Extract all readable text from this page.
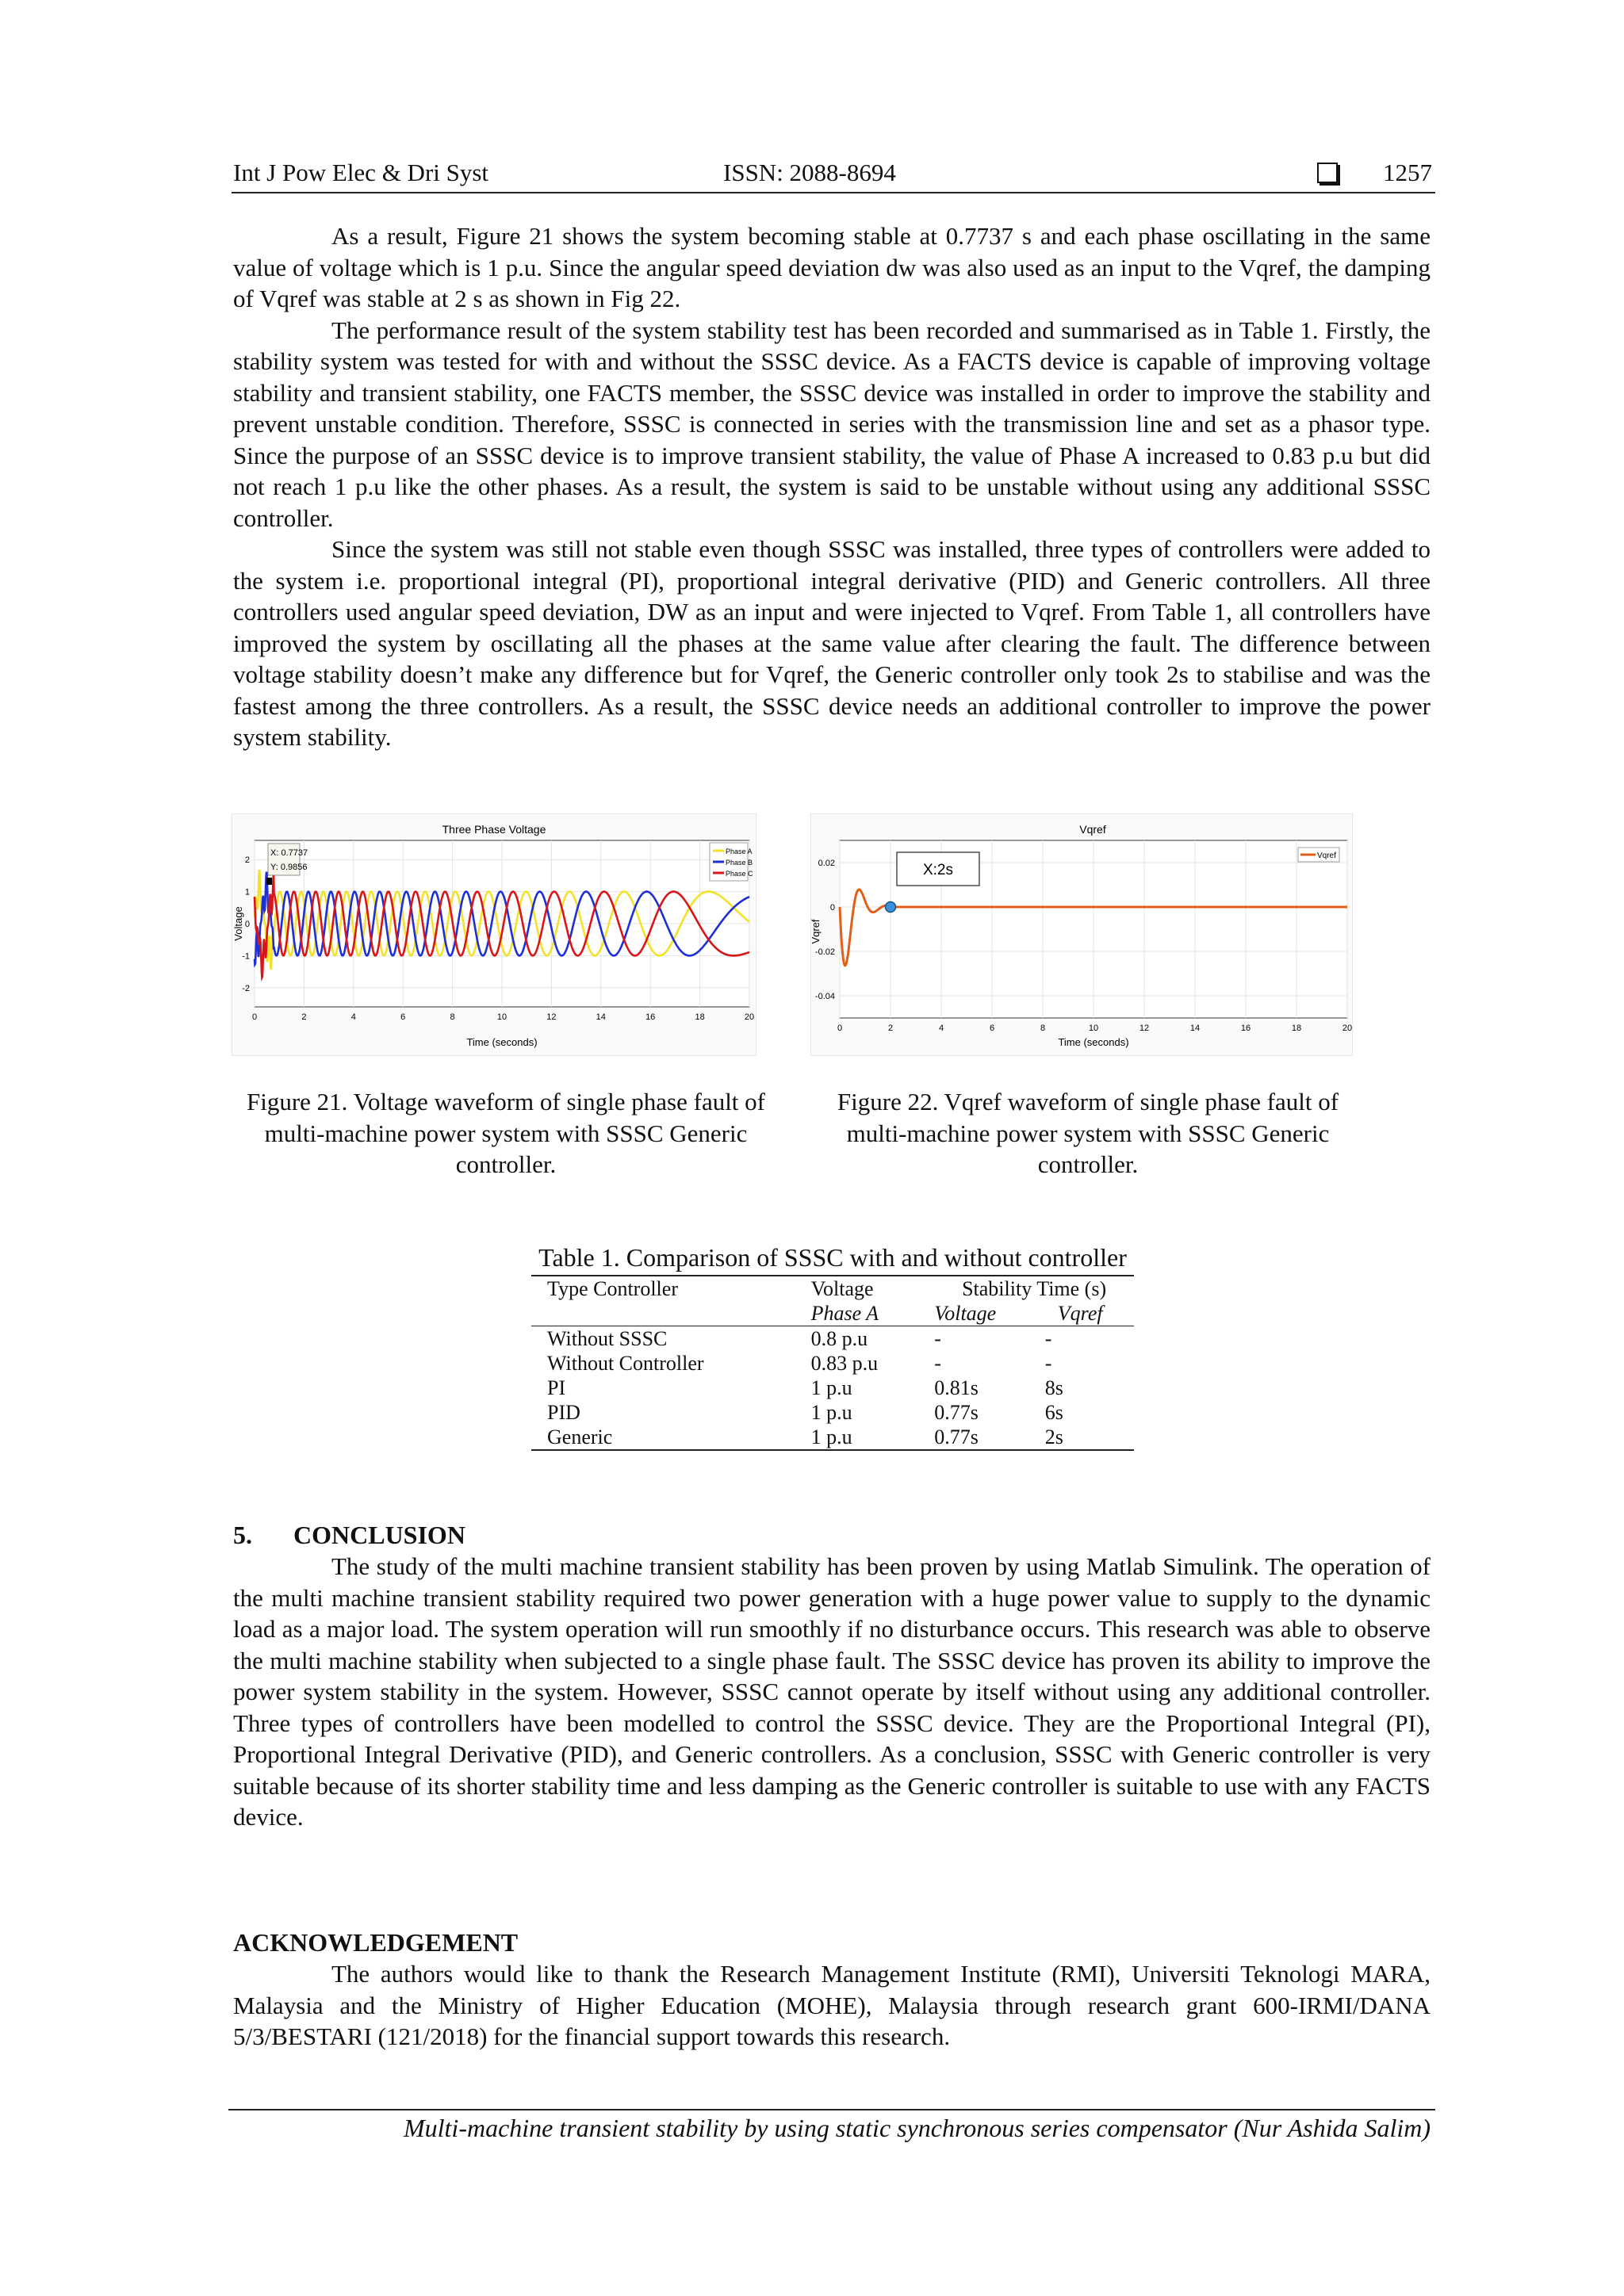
Int J Pow Elec & Dri Syst	ISSN: 2088-8694	1257

As a result, Figure 21 shows the system becoming stable at 0.7737 s and each phase oscillating in the same value of voltage which is 1 p.u. Since the angular speed deviation dw was also used as an input to the Vqref, the damping of Vqref was stable at 2 s as shown in Fig 22.

The performance result of the system stability test has been recorded and summarised as in Table 1. Firstly, the stability system was tested for with and without the SSSC device. As a FACTS device is capable of improving voltage stability and transient stability, one FACTS member, the SSSC device was installed in order to improve the stability and prevent unstable condition. Therefore, SSSC is connected in series with the transmission line and set as a phasor type. Since the purpose of an SSSC device is to improve transient stability, the value of Phase A increased to 0.83 p.u but did not reach 1 p.u like the other phases. As a result, the system is said to be unstable without using any additional SSSC controller.

Since the system was still not stable even though SSSC was installed, three types of controllers were added to the system i.e. proportional integral (PI), proportional integral derivative (PID) and Generic controllers. All three controllers used angular speed deviation, DW as an input and were injected to Vqref. From Table 1, all controllers have improved the system by oscillating all the phases at the same value after clearing the fault. The difference between voltage stability doesn’t make any difference but for Vqref, the Generic controller only took 2s to stabilise and was the fastest among the three controllers. As a result, the SSSC device needs an additional controller to improve the power system stability.

Three Phase Voltage
0	2	4	6	8	10	12	14	16	18	20
2
1
0
-1
-2
Voltage
Time (seconds)
X: 0.7737
Y: 0.9856
Phase A
Phase B
Phase C
Figure 21. Voltage waveform of single phase fault of multi-machine power system with SSSC Generic controller.
Vqref
0	2	4	6	8	10	12	14	16	18	20
0.02
0
-0.02
-0.04
X:2s
Vqref
Vqref
Time (seconds)
Figure 22. Vqref waveform of single phase fault of multi-machine power system with SSSC Generic controller.
Table 1. Comparison of SSSC with and without controller
Type Controller	Voltage	Stability Time (s)	
	Phase A	Voltage	Vqref
Without SSSC	0.8 p.u	-	-
Without Controller	0.83 p.u	-	-
PI	1 p.u	0.81s	8s
PID	1 p.u	0.77s	6s
Generic	1 p.u	0.77s	2s
5. CONCLUSION

The study of the multi machine transient stability has been proven by using Matlab Simulink. The operation of the multi machine transient stability required two power generation with a huge power value to supply to the dynamic load as a major load. The system operation will run smoothly if no disturbance occurs. This research was able to observe the multi machine stability when subjected to a single phase fault. The SSSC device has proven its ability to improve the power system stability in the system. However, SSSC cannot operate by itself without using any additional controller. Three types of controllers have been modelled to control the SSSC device. They are the Proportional Integral (PI), Proportional Integral Derivative (PID), and Generic controllers. As a conclusion, SSSC with Generic controller is very suitable because of its shorter stability time and less damping as the Generic controller is suitable to use with any FACTS device.

ACKNOWLEDGEMENT

The authors would like to thank the Research Management Institute (RMI), Universiti Teknologi MARA, Malaysia and the Ministry of Higher Education (MOHE), Malaysia through research grant 600-IRMI/DANA 5/3/BESTARI (121/2018) for the financial support towards this research.

Multi-machine transient stability by using static synchronous series compensator (Nur Ashida Salim)
